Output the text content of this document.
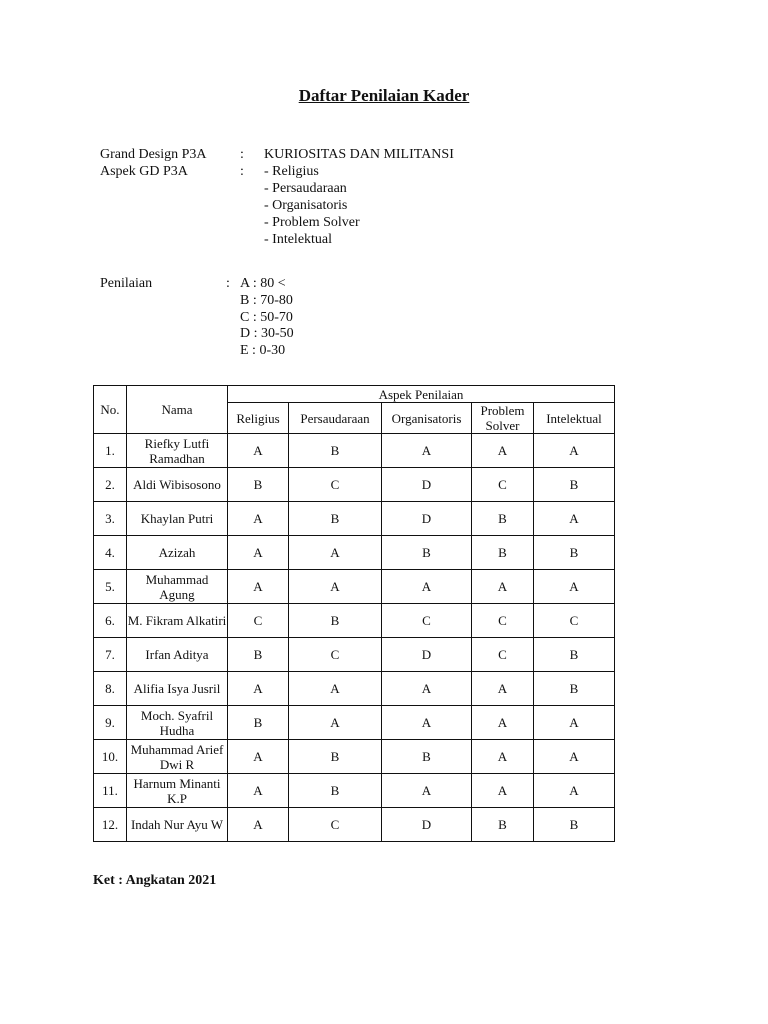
Daftar Penilaian Kader
Grand Design P3A : KURIOSITAS DAN MILITANSI
Aspek GD P3A	: - Religius
- Persaudaraan
- Organisatoris
- Problem Solver
- Intelektual
Penilaian	: A : 80 <
B : 70-80
C : 50-70
D : 30-50
E : 0-30
No.	Nama	Aspek Penilaian				
		Religius	Persaudaraan	Organisatoris	Problem Solver	Intelektual
1.	Riefky Lutfi Ramadhan	A	B	A	A	A
2.	Aldi Wibisosono	B	C	D	C	B
3.	Khaylan Putri	A	B	D	B	A
4.	Azizah	A	A	B	B	B
5.	Muhammad Agung	A	A	A	A	A
6.	M. Fikram Alkatiri	C	B	C	C	C
7.	Irfan Aditya	B	C	D	C	B
8.	Alifia Isya Jusril	A	A	A	A	B
9.	Moch. Syafril Hudha	B	A	A	A	A
10.	Muhammad Arief Dwi R	A	B	B	A	A
11.	Harnum Minanti K.P	A	B	A	A	A
12.	Indah Nur Ayu W	A	C	D	B	B
Ket : Angkatan 2021
